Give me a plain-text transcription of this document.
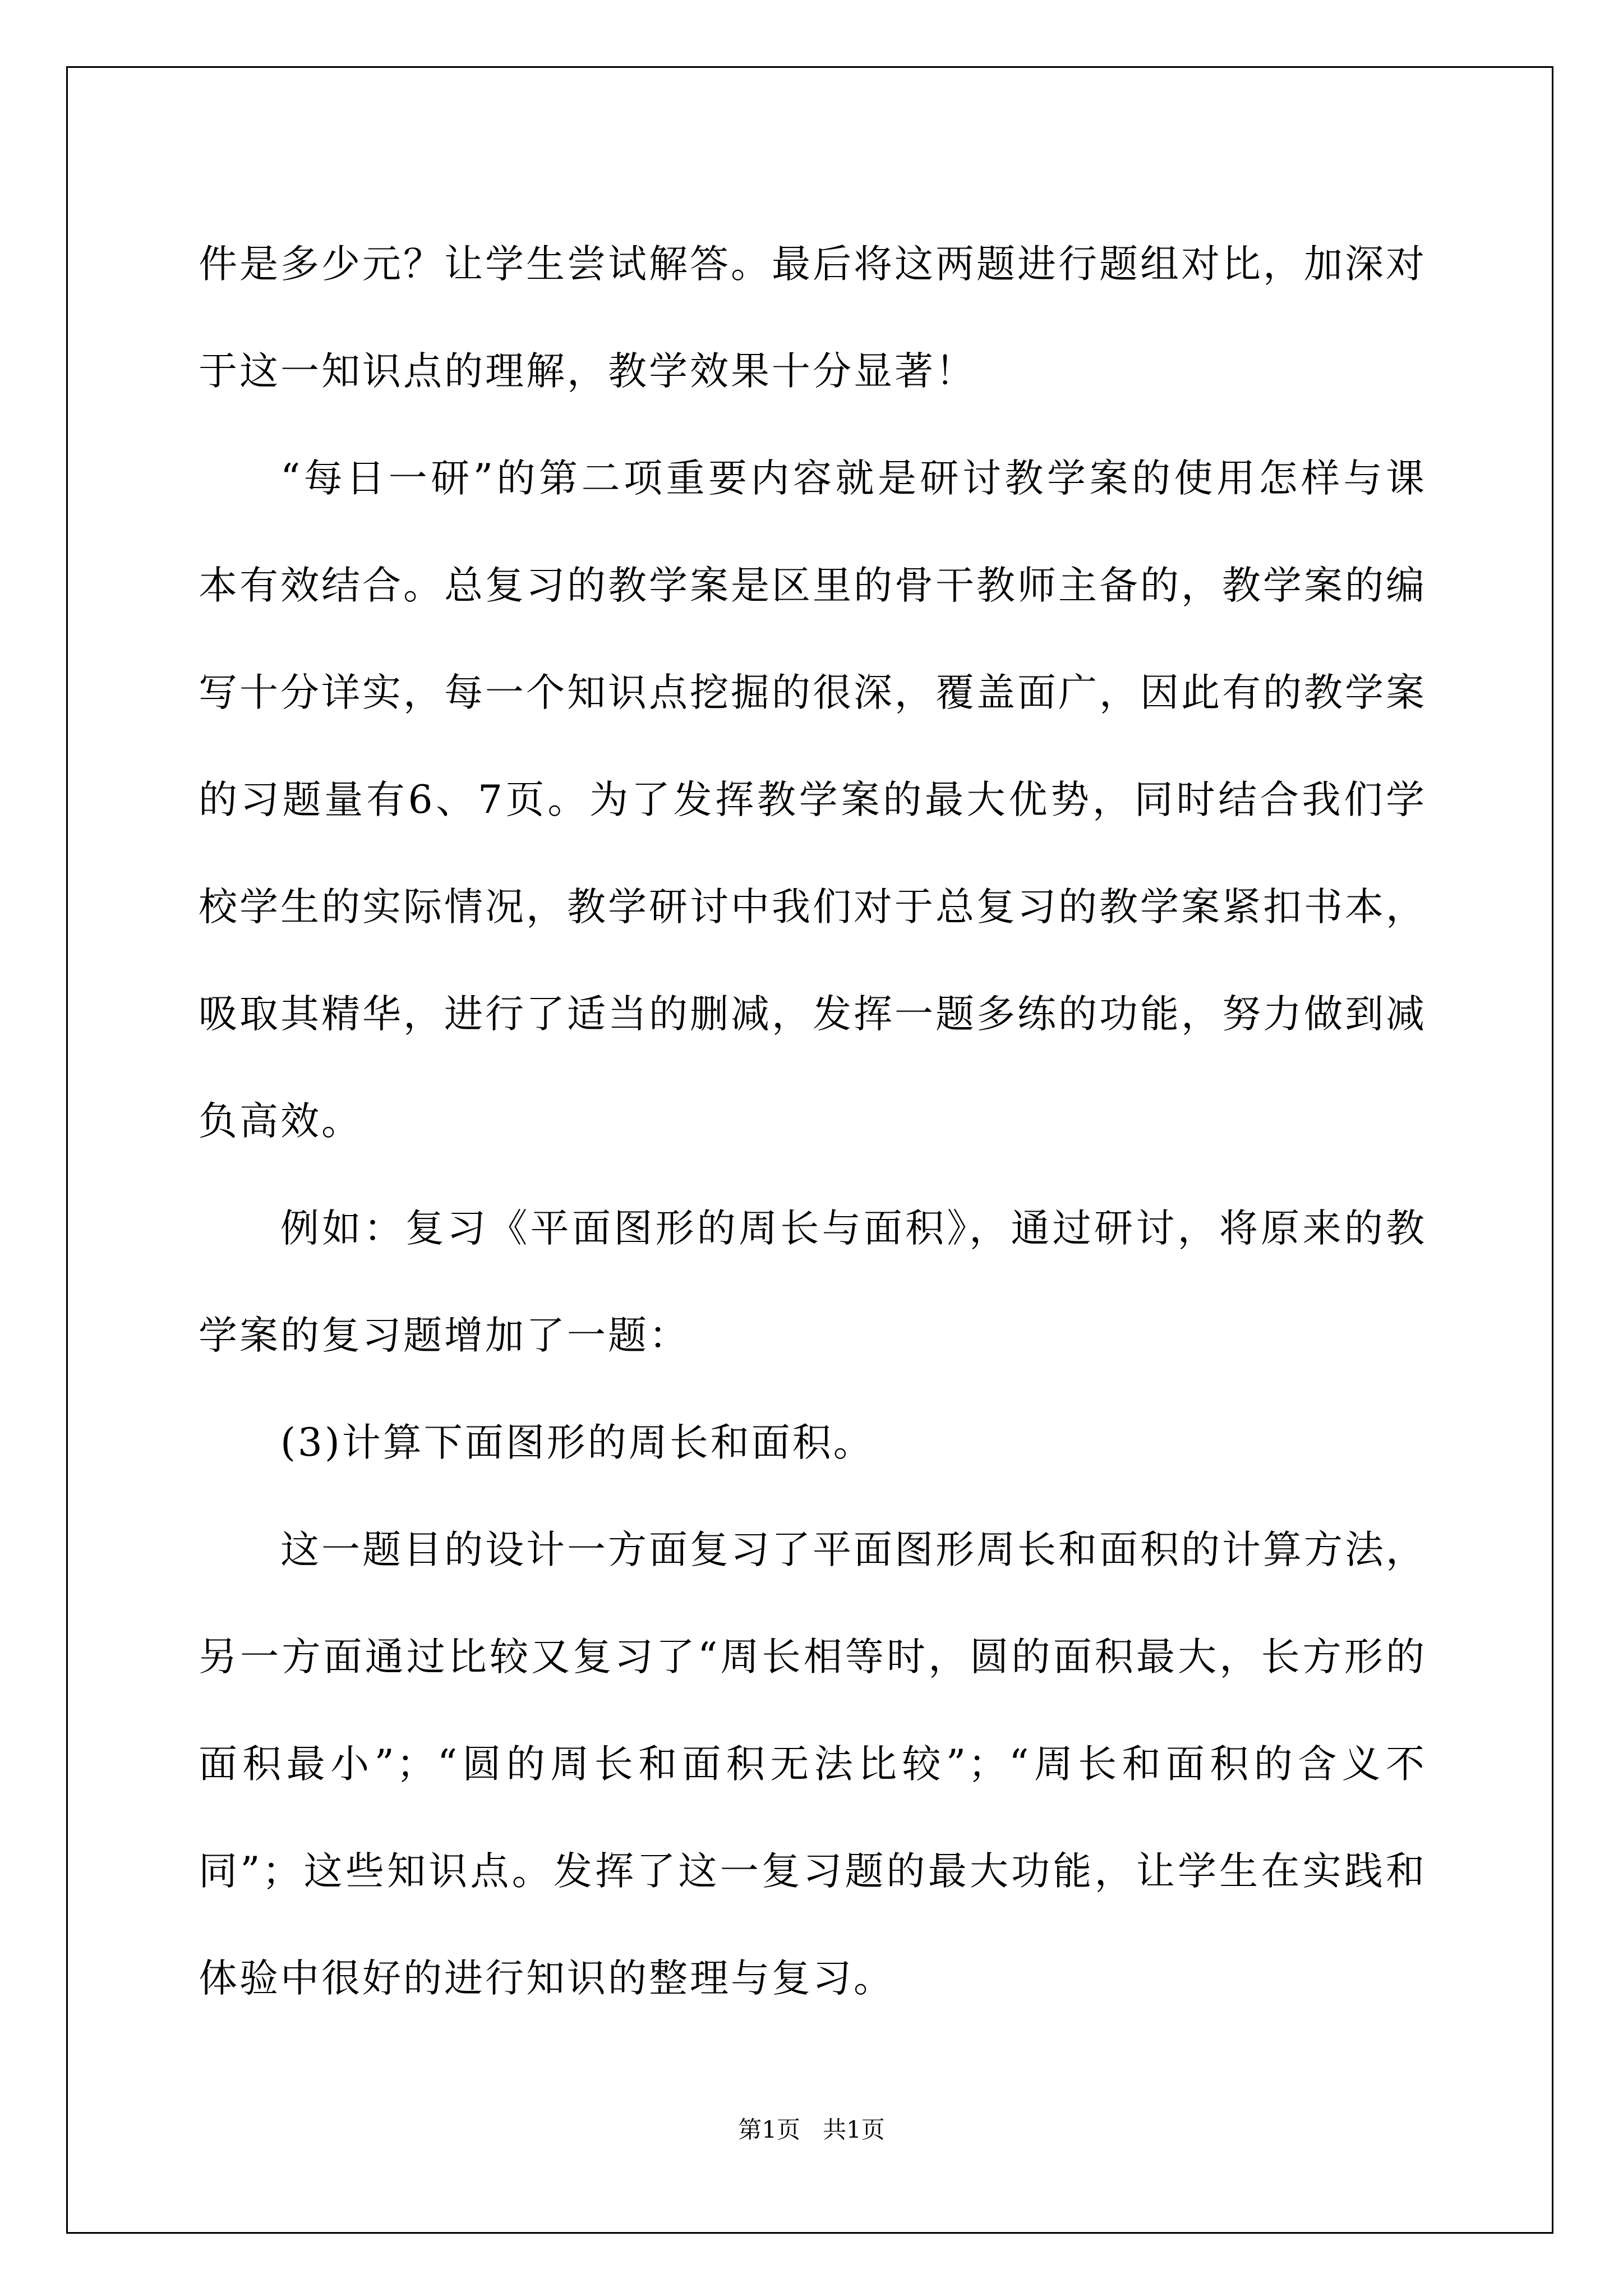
件是多少元？让学生尝试解答。最后将这两题进行题组对比，加深对于这一知识点的理解，教学效果十分显著！

“每日一研”的第二项重要内容就是研讨教学案的使用怎样与课本有效结合。总复习的教学案是区里的骨干教师主备的，教学案的编写十分详实，每一个知识点挖掘的很深，覆盖面广，因此有的教学案的习题量有6、7页。为了发挥教学案的最大优势，同时结合我们学校学生的实际情况，教学研讨中我们对于总复习的教学案紧扣书本，吸取其精华，进行了适当的删减，发挥一题多练的功能，努力做到减负高效。

例如：复习《平面图形的周长与面积》，通过研讨，将原来的教学案的复习题增加了一题：

(3)计算下面图形的周长和面积。

这一题目的设计一方面复习了平面图形周长和面积的计算方法，另一方面通过比较又复习了“周长相等时，圆的面积最大，长方形的面积最小”；“圆的周长和面积无法比较”；“周长和面积的含义不同”；这些知识点。发挥了这一复习题的最大功能，让学生在实践和体验中很好的进行知识的整理与复习。

第1页   共1页
